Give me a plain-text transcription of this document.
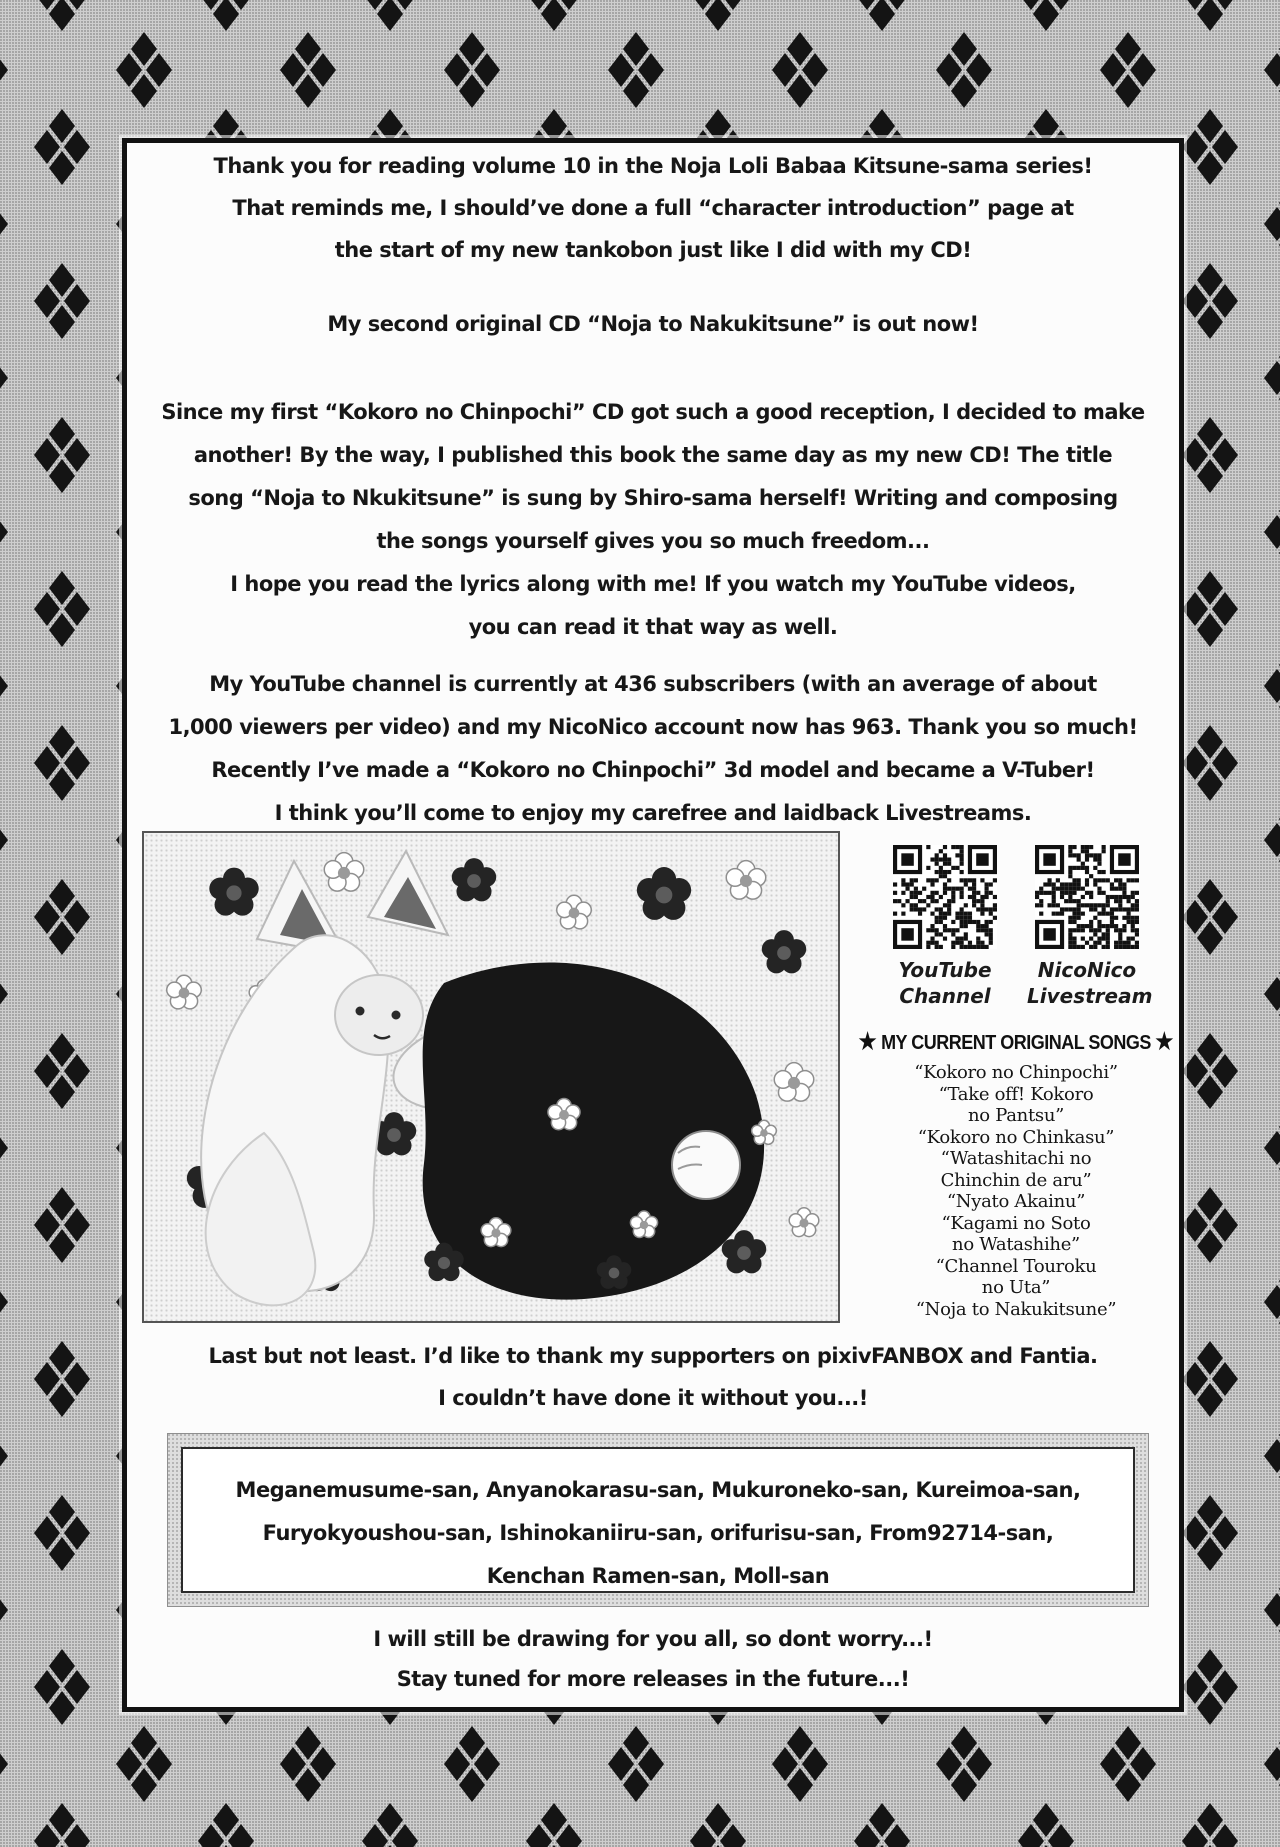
Thank you for reading volume 10 in the Noja Loli Babaa Kitsune-sama series!
That reminds me, I should’ve done a full “character introduction” page at
the start of my new tankobon just like I did with my CD!
My second original CD “Noja to Nakukitsune” is out now!
Since my first “Kokoro no Chinpochi” CD got such a good reception, I decided to make
another! By the way, I published this book the same day as my new CD! The title
song “Noja to Nkukitsune” is sung by Shiro-sama herself! Writing and composing
the songs yourself gives you so much freedom...
I hope you read the lyrics along with me! If you watch my YouTube videos,
you can read it that way as well.
My YouTube channel is currently at 436 subscribers (with an average of about
1,000 viewers per video) and my NicoNico account now has 963. Thank you so much!
Recently I’ve made a “Kokoro no Chinpochi” 3d model and became a V-Tuber!
I think you’ll come to enjoy my carefree and laidback Livestreams.
YouTube
Channel
NicoNico
Livestream
★ MY CURRENT ORIGINAL SONGS ★
“Kokoro no Chinpochi”
“Take off! Kokoro
no Pantsu”
“Kokoro no Chinkasu”
“Watashitachi no
Chinchin de aru”
“Nyato Akainu”
“Kagami no Soto
no Watashihe”
“Channel Touroku
no Uta”
“Noja to Nakukitsune”
Last but not least. I’d like to thank my supporters on pixivFANBOX and Fantia.
I couldn’t have done it without you...!
Meganemusume-san, Anyanokarasu-san, Mukuroneko-san, Kureimoa-san,
Furyokyoushou-san, Ishinokaniiru-san, orifurisu-san, From92714-san,
Kenchan Ramen-san, Moll-san
I will still be drawing for you all, so dont worry...!
Stay tuned for more releases in the future...!
